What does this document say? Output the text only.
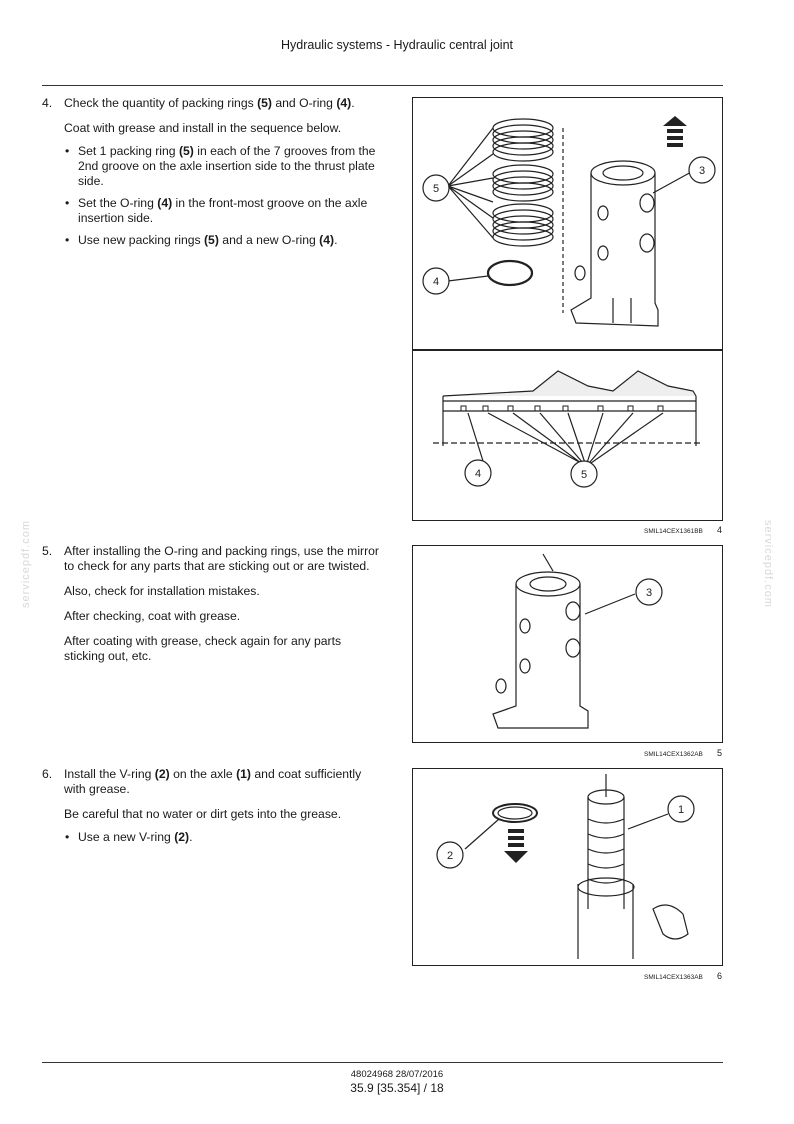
Hydraulic systems - Hydraulic central joint
4. Check the quantity of packing rings (5) and O-ring (4).
Coat with grease and install in the sequence below.
• Set 1 packing ring (5) in each of the 7 grooves from the 2nd groove on the axle insertion side to the thrust plate side.
• Set the O-ring (4) in the front-most groove on the axle insertion side.
• Use new packing rings (5) and a new O-ring (4).
5. After installing the O-ring and packing rings, use the mirror to check for any parts that are sticking out or are twisted.
Also, check for installation mistakes.
After checking, coat with grease.
After coating with grease, check again for any parts sticking out, etc.
6. Install the V-ring (2) on the axle (1) and coat sufficiently with grease.
Be careful that no water or dirt gets into the grease.
• Use a new V-ring (2).
5
3
4
4	5
SMIL14CEX1361BB 4
3
SMIL14CEX1362AB 5
1
2
SMIL14CEX1363AB 6
servicepdf.com	servicepdf.com
48024968 28/07/2016
35.9 [35.354] / 18
